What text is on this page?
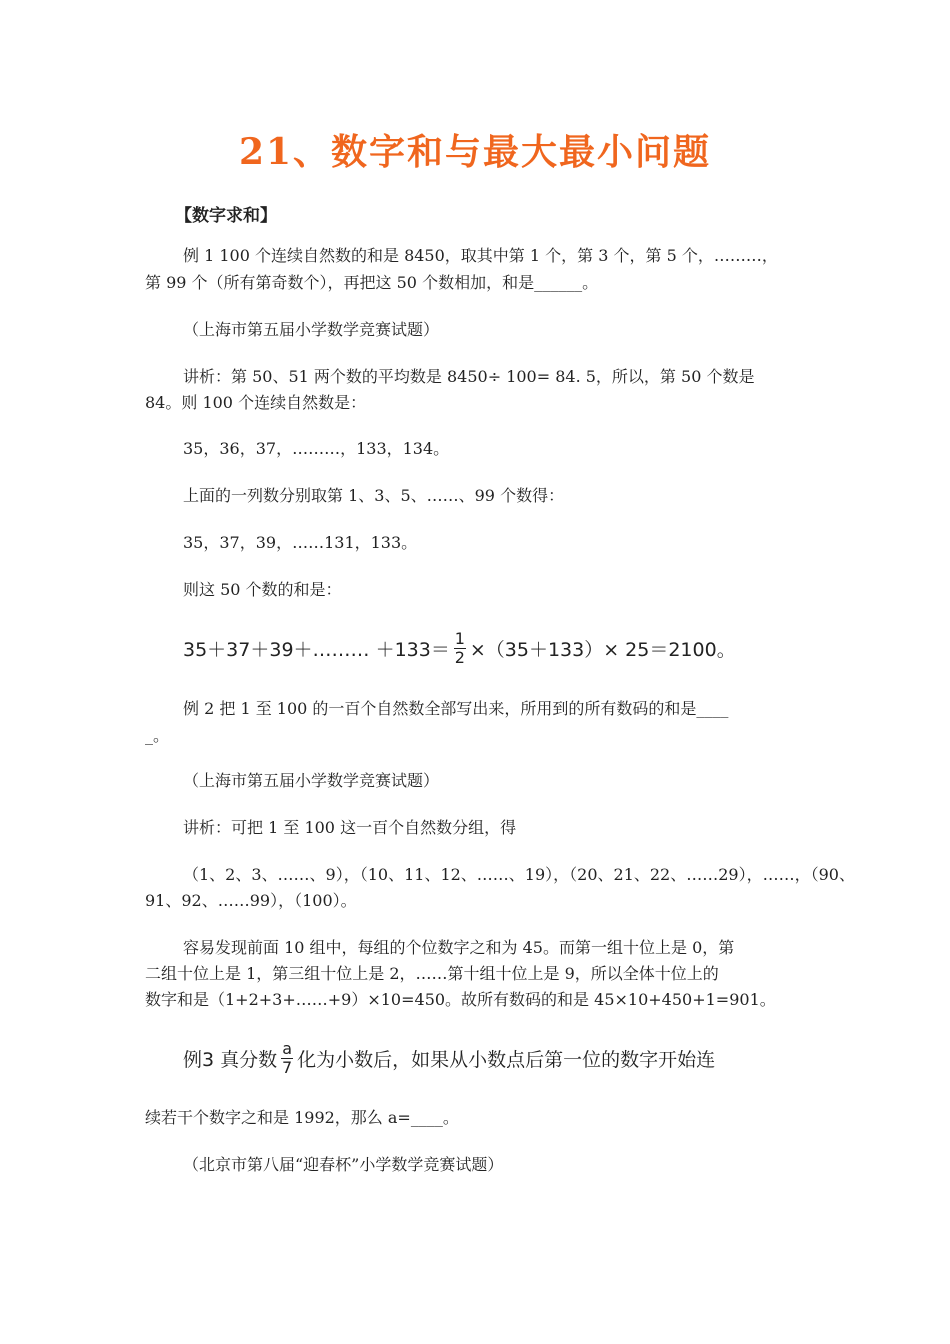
21、数字和与最大最小问题
【数字求和】
例 1 100 个连续自然数的和是 8450，取其中第 1 个，第 3 个，第 5 个，………，
第 99 个（所有第奇数个），再把这 50 个数相加，和是______。
（上海市第五届小学数学竞赛试题）
讲析：第 50、51 两个数的平均数是 8450÷ 100= 84. 5，所以，第 50 个数是
84。则 100 个连续自然数是：
35，36，37，………，133，134。
上面的一列数分别取第 1、3、5、……、99 个数得：
35，37，39，……131，133。
则这 50 个数的和是：
35＋37＋39＋……… $+133= \frac{1}{2} \times(35+133)\times 25=2100$。
例 2 把 1 至 100 的一百个自然数全部写出来，所用到的所有数码的和是____
_。
（上海市第五届小学数学竞赛试题）
讲析：可把 1 至 100 这一百个自然数分组，得
（1、2、3、……、9），（10、11、12、……、19），（20、21、22、……29），……，（90、
91、92、……99），（100）。
容易发现前面 10 组中，每组的个位数字之和为 45。而第一组十位上是 0，第
二组十位上是 1，第三组十位上是 2，……第十组十位上是 9，所以全体十位上的
数字和是（1+2+3+……+9）×10=450。故所有数码的和是 45×10+450+1=901。
例3 真分数 $\frac{a}{7}$ 化为小数后，如果从小数点后第一位的数字开始连
续若干个数字之和是 1992，那么 a=____。
（北京市第八届“迎春杯”小学数学竞赛试题）
